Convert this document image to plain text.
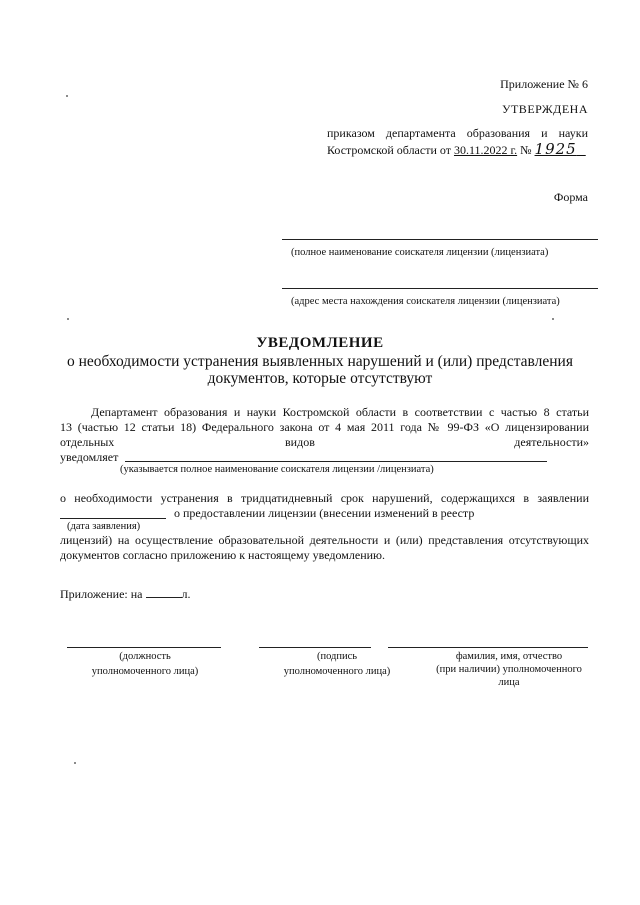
Приложение № 6
УТВЕРЖДЕНА
приказом департамента образования и науки
Костромской области от 30.11.2022 г. № 1925
Форма
(полное наименование соискателя лицензии (лицензиата)
(адрес места нахождения соискателя лицензии (лицензиата)
УВЕДОМЛЕНИЕ
о необходимости устранения выявленных нарушений и (или) представления
документов, которые отсутствуют
Департамент образования и науки Костромской области в соответствии с частью 8 статьи
13 (частью 12 статьи 18) Федерального закона от 4 мая 2011 года № 99-ФЗ «О лицензировании
отдельных	видов	деятельности»
уведомляет
(указывается полное наименование соискателя лицензии /лицензиата)
о необходимости устранения в тридцатидневный срок нарушений, содержащихся в заявлении
о предоставлении лицензии (внесении изменений в реестр
(дата заявления)
лицензий) на осуществление образовательной деятельности и (или) представления отсутствующих
документов согласно приложению к настоящему уведомлению.
Приложение: на	л.
(должность
уполномоченного лица)
(подпись
уполномоченного лица)
фамилия, имя, отчество
(при наличии) уполномоченного
лица
